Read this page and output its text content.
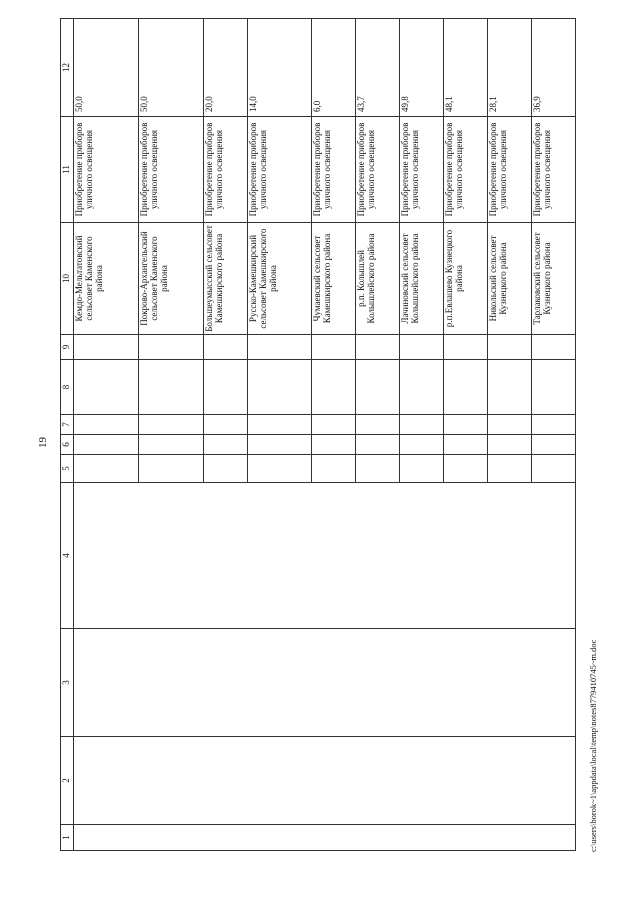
19
1	2	3	4	5	6	7	8	9	10	11	12
									Кемдо-Мельтатовский сельсовет Каменского района	Приобретение приборов уличного освещения	50,0
									Покрово-Архангельский сельсовет Каменского района	Приобретение приборов уличного освещения	50,0
									Большеумысский сельсовет Камешкирского района	Приобретение приборов уличного освещения	20,0
									Русско-Камешкирский сельсовет Камешкирского района	Приобретение приборов уличного освещения	14,0
									Чумаевский сельсовет Камешкирского района	Приобретение приборов уличного освещения	6,0
									р.п. Колышлей Колышлейского района	Приобретение приборов уличного освещения	43,7
									Лачиновский сельсовет Колышлейского района	Приобретение приборов уличного освещения	49,8
									р.п.Евлашево Кузнецкого района	Приобретение приборов уличного освещения	48,1
									Никольский сельсовет Кузнецкого района	Приобретение приборов уличного освещения	28,1
									Тарлаковский сельсовет Кузнецкого района	Приобретение приборов уличного освещения	36,9
c:\users\borok~1\appdata\local\temp\notes8779410745~m.doc
